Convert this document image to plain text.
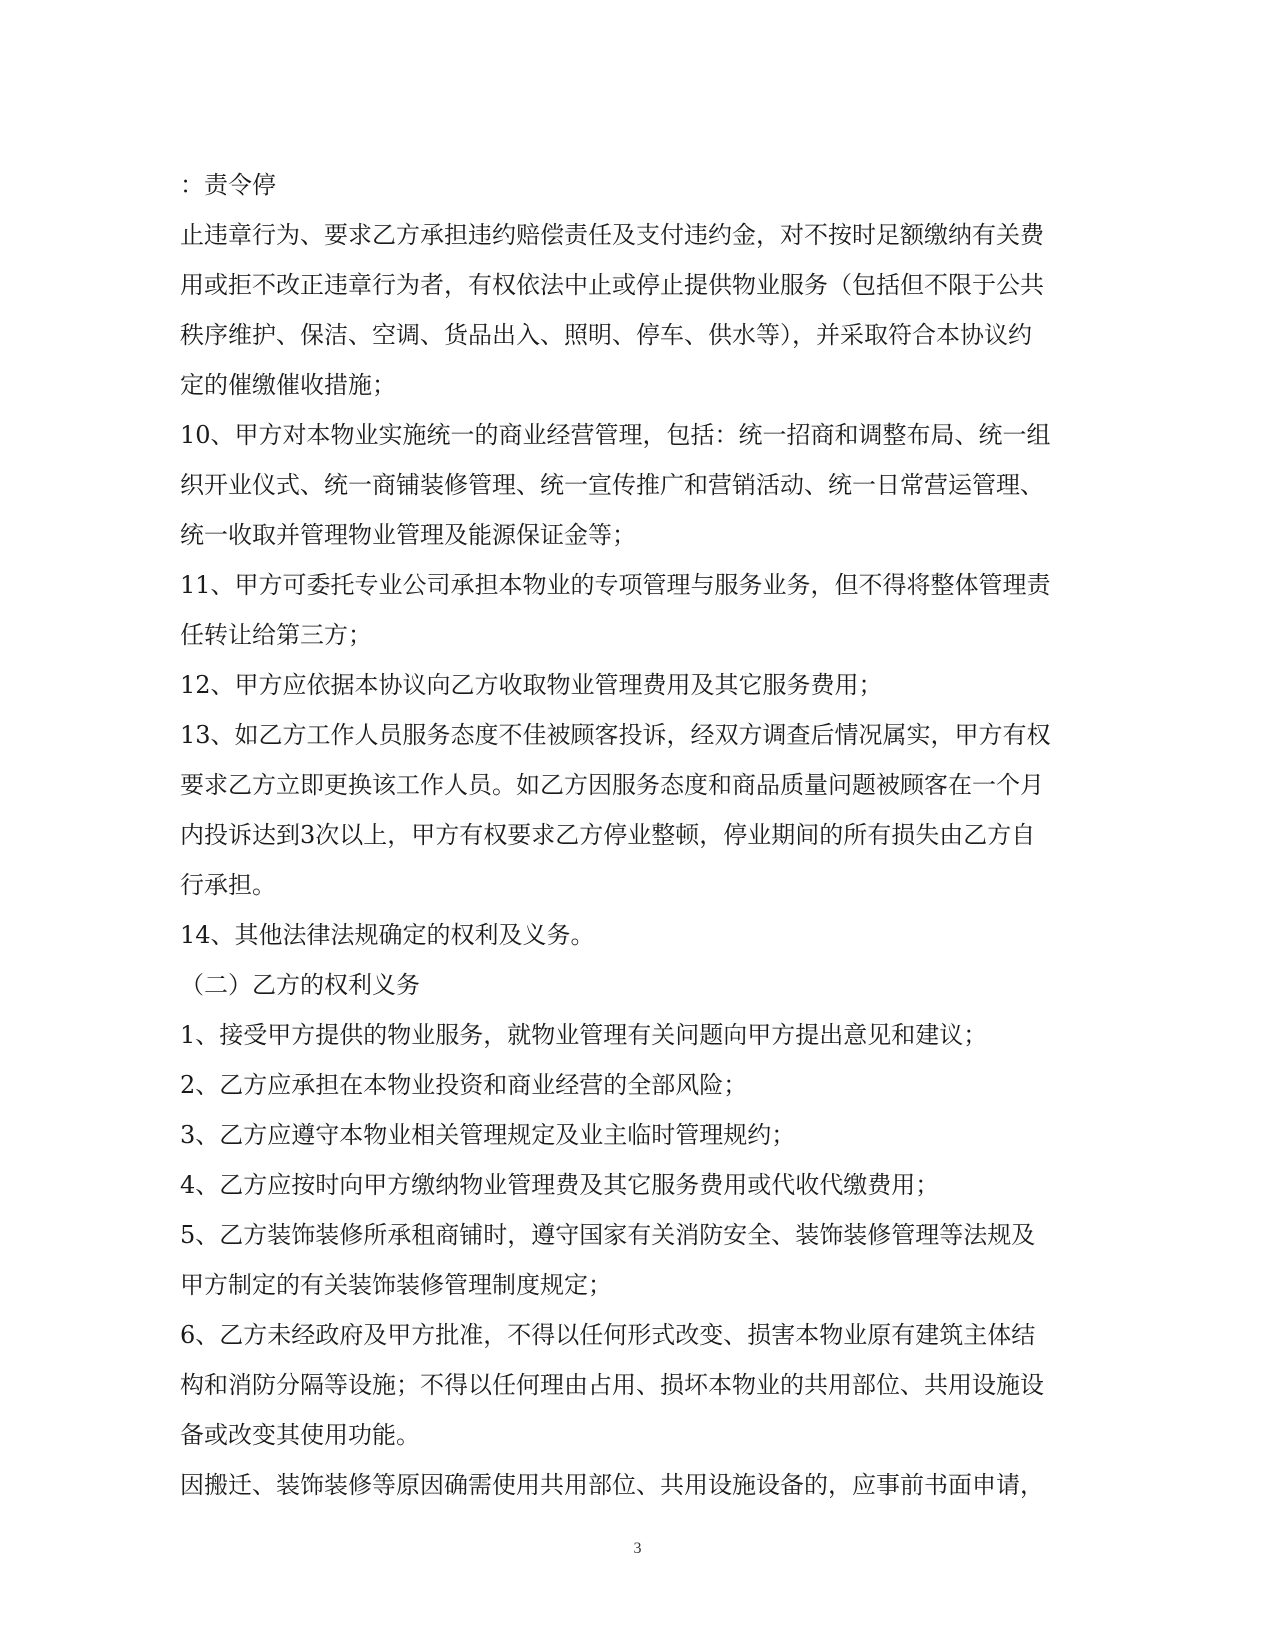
：责令停
止违章行为、要求乙方承担违约赔偿责任及支付违约金，对不按时足额缴纳有关费
用或拒不改正违章行为者，有权依法中止或停止提供物业服务（包括但不限于公共
秩序维护、保洁、空调、货品出入、照明、停车、供水等），并采取符合本协议约
定的催缴催收措施；
10、甲方对本物业实施统一的商业经营管理，包括：统一招商和调整布局、统一组
织开业仪式、统一商铺装修管理、统一宣传推广和营销活动、统一日常营运管理、
统一收取并管理物业管理及能源保证金等；
11、甲方可委托专业公司承担本物业的专项管理与服务业务，但不得将整体管理责
任转让给第三方；
12、甲方应依据本协议向乙方收取物业管理费用及其它服务费用；
13、如乙方工作人员服务态度不佳被顾客投诉，经双方调查后情况属实，甲方有权
要求乙方立即更换该工作人员。如乙方因服务态度和商品质量问题被顾客在一个月
内投诉达到3次以上，甲方有权要求乙方停业整顿，停业期间的所有损失由乙方自
行承担。
14、其他法律法规确定的权利及义务。
（二）乙方的权利义务
1、接受甲方提供的物业服务，就物业管理有关问题向甲方提出意见和建议；
2、乙方应承担在本物业投资和商业经营的全部风险；
3、乙方应遵守本物业相关管理规定及业主临时管理规约；
4、乙方应按时向甲方缴纳物业管理费及其它服务费用或代收代缴费用；
5、乙方装饰装修所承租商铺时，遵守国家有关消防安全、装饰装修管理等法规及
甲方制定的有关装饰装修管理制度规定；
6、乙方未经政府及甲方批准，不得以任何形式改变、损害本物业原有建筑主体结
构和消防分隔等设施；不得以任何理由占用、损坏本物业的共用部位、共用设施设
备或改变其使用功能。
因搬迁、装饰装修等原因确需使用共用部位、共用设施设备的，应事前书面申请，
3
